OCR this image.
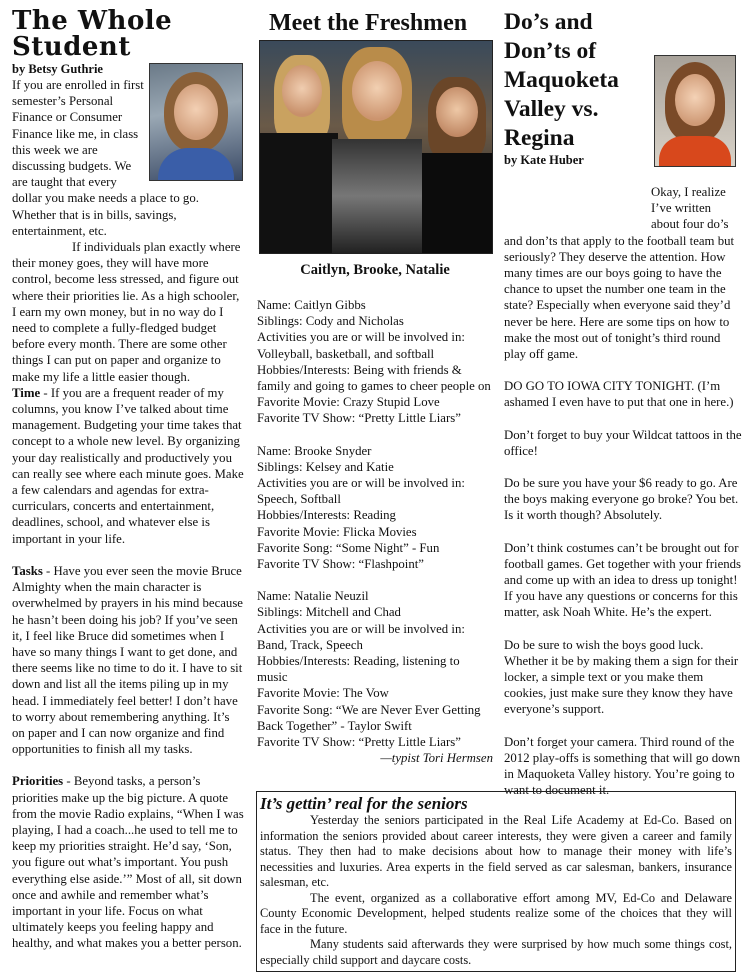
The Whole Student
by Betsy Guthrie

If you are enrolled in first semester’s Personal Finance or Consumer Finance like me, in class this week we are discussing budgets. We are taught that every dollar you make needs a place to go. Whether that is in bills, savings, entertainment, etc.

If individuals plan exactly where their money goes, they will have more control, become less stressed, and figure out where their priorities lie. As a high schooler, I earn my own money, but in no way do I need to complete a fully-fledged budget before every month. There are some other things I can put on paper and organize to make my life a little easier though.

Time - If you are a frequent reader of my columns, you know I’ve talked about time management. Budgeting your time takes that concept to a whole new level. By organizing your day realistically and productively you can really see where each minute goes. Make a few calendars and agendas for extra-curriculars, concerts and entertainment, deadlines, school, and whatever else is important in your life.

Tasks - Have you ever seen the movie Bruce Almighty when the main character is overwhelmed by prayers in his mind because he hasn’t been doing his job? If you’ve seen it, I feel like Bruce did sometimes when I have so many things I want to get done, and there seems like no time to do it. I have to sit down and list all the items piling up in my head. I immediately feel better! I don’t have to worry about remembering anything. It’s on paper and I can now organize and find opportunities to finish all my tasks.

Priorities - Beyond tasks, a person’s priorities make up the big picture. A quote from the movie Radio explains, “When I was playing, I had a coach...he used to tell me to keep my priorities straight. He’d say, ‘Son, you figure out what’s important. You push everything else aside.’” Most of all, sit down once and awhile and remember what’s important in your life. Focus on what ultimately keeps you feeling happy and healthy, and what makes you a better person.

Meet the Freshmen
Caitlyn, Brooke, Natalie

Name: Caitlyn Gibbs

Siblings: Cody and Nicholas

Activities you are or will be involved in: Volleyball, basketball, and softball

Hobbies/Interests: Being with friends & family and going to games to cheer people on

Favorite Movie: Crazy Stupid Love

Favorite TV Show: “Pretty Little Liars”

Name: Brooke Snyder

Siblings: Kelsey and Katie

Activities you are or will be involved in: Speech, Softball

Hobbies/Interests: Reading

Favorite Movie: Flicka Movies

Favorite Song: “Some Night” - Fun

Favorite TV Show: “Flashpoint”

Name: Natalie Neuzil

Siblings: Mitchell and Chad

Activities you are or will be involved in: Band, Track, Speech

Hobbies/Interests: Reading, listening to music

Favorite Movie: The Vow

Favorite Song: “We are Never Ever Getting Back Together” - Taylor Swift

Favorite TV Show: “Pretty Little Liars”

—typist Tori Hermsen

Do’s and Don’ts of Maquoketa Valley vs. Regina
by Kate Huber

Okay, I realize I’ve written about four do’s and don’ts that apply to the football team but seriously? They deserve the attention. How many times are our boys going to have the chance to upset the number one team in the state? Especially when everyone said they’d never be here. Here are some tips on how to make the most out of tonight’s third round play off game.

DO GO TO IOWA CITY TONIGHT. (I’m ashamed I even have to put that one in here.)

Don’t forget to buy your Wildcat tattoos in the office!

Do be sure you have your $6 ready to go. Are the boys making everyone go broke? You bet. Is it worth though? Absolutely.

Don’t think costumes can’t be brought out for football games. Get together with your friends and come up with an idea to dress up tonight! If you have any questions or concerns for this matter, ask Noah White. He’s the expert.

Do be sure to wish the boys good luck. Whether it be by making them a sign for their locker, a simple text or you make them cookies, just make sure they know they have everyone’s support.

Don’t forget your camera. Third round of the 2012 play-offs is something that will go down in Maquoketa Valley history. You’re going to want to document it.

It’s gettin’ real for the seniors

Yesterday the seniors participated in the Real Life Academy at Ed-Co. Based on information the seniors provided about career interests, they were given a career and family status. They then had to make decisions about how to manage their money with life’s necessities and luxuries. Area experts in the field served as car salesman, bankers, insurance salesman, etc.

The event, organized as a collaborative effort among MV, Ed-Co and Delaware County Economic Development, helped students realize some of the choices that they will face in the future.

Many students said afterwards they were surprised by how much some things cost, especially child support and daycare costs.
